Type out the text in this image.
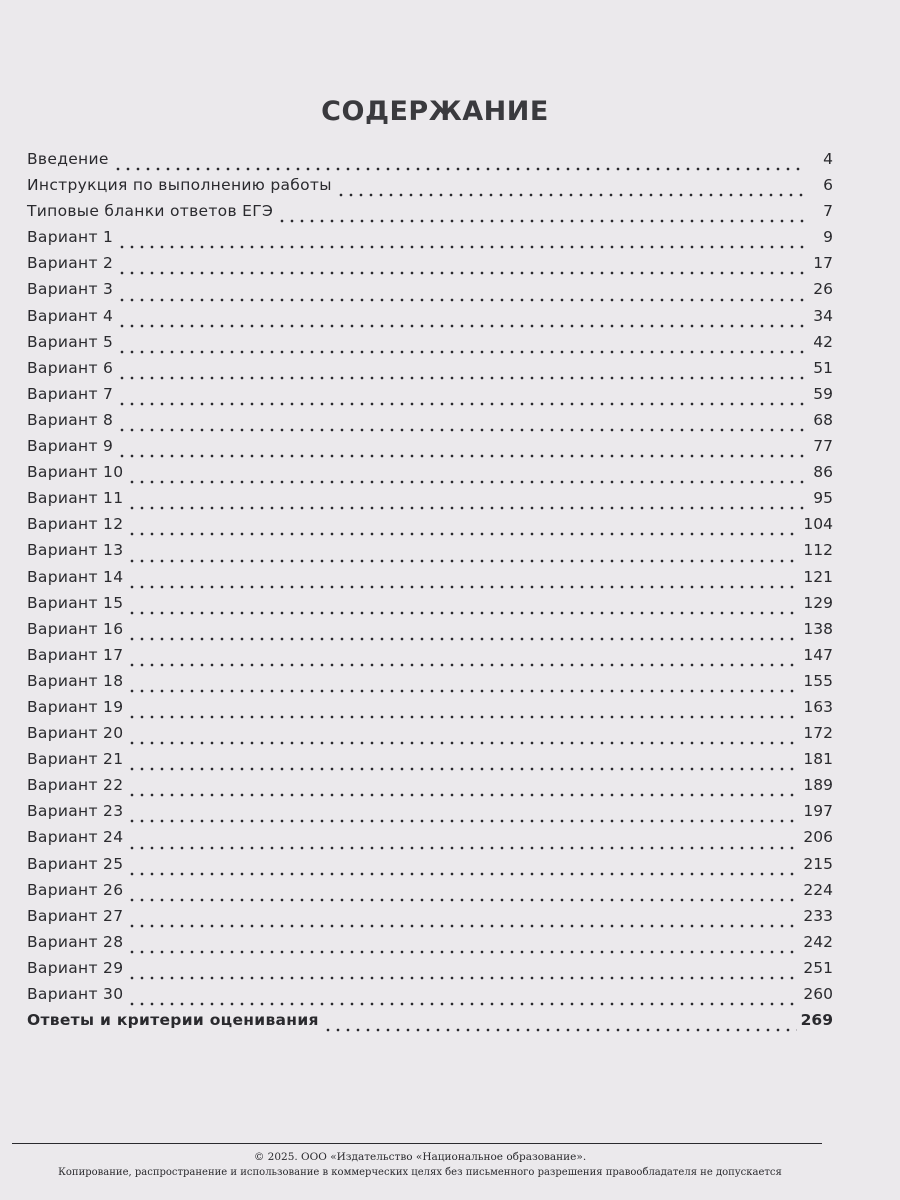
СОДЕРЖАНИЕ
Введение	4
Инструкция по выполнению работы	6
Типовые бланки ответов ЕГЭ	7
Вариант 1	9
Вариант 2	17
Вариант 3	26
Вариант 4	34
Вариант 5	42
Вариант 6	51
Вариант 7	59
Вариант 8	68
Вариант 9	77
Вариант 10	86
Вариант 11	95
Вариант 12	104
Вариант 13	112
Вариант 14	121
Вариант 15	129
Вариант 16	138
Вариант 17	147
Вариант 18	155
Вариант 19	163
Вариант 20	172
Вариант 21	181
Вариант 22	189
Вариант 23	197
Вариант 24	206
Вариант 25	215
Вариант 26	224
Вариант 27	233
Вариант 28	242
Вариант 29	251
Вариант 30	260
Ответы и критерии оценивания	269
© 2025. ООО «Издательство «Национальное образование».
Копирование, распространение и использование в коммерческих целях без письменного разрешения правообладателя не допускается
